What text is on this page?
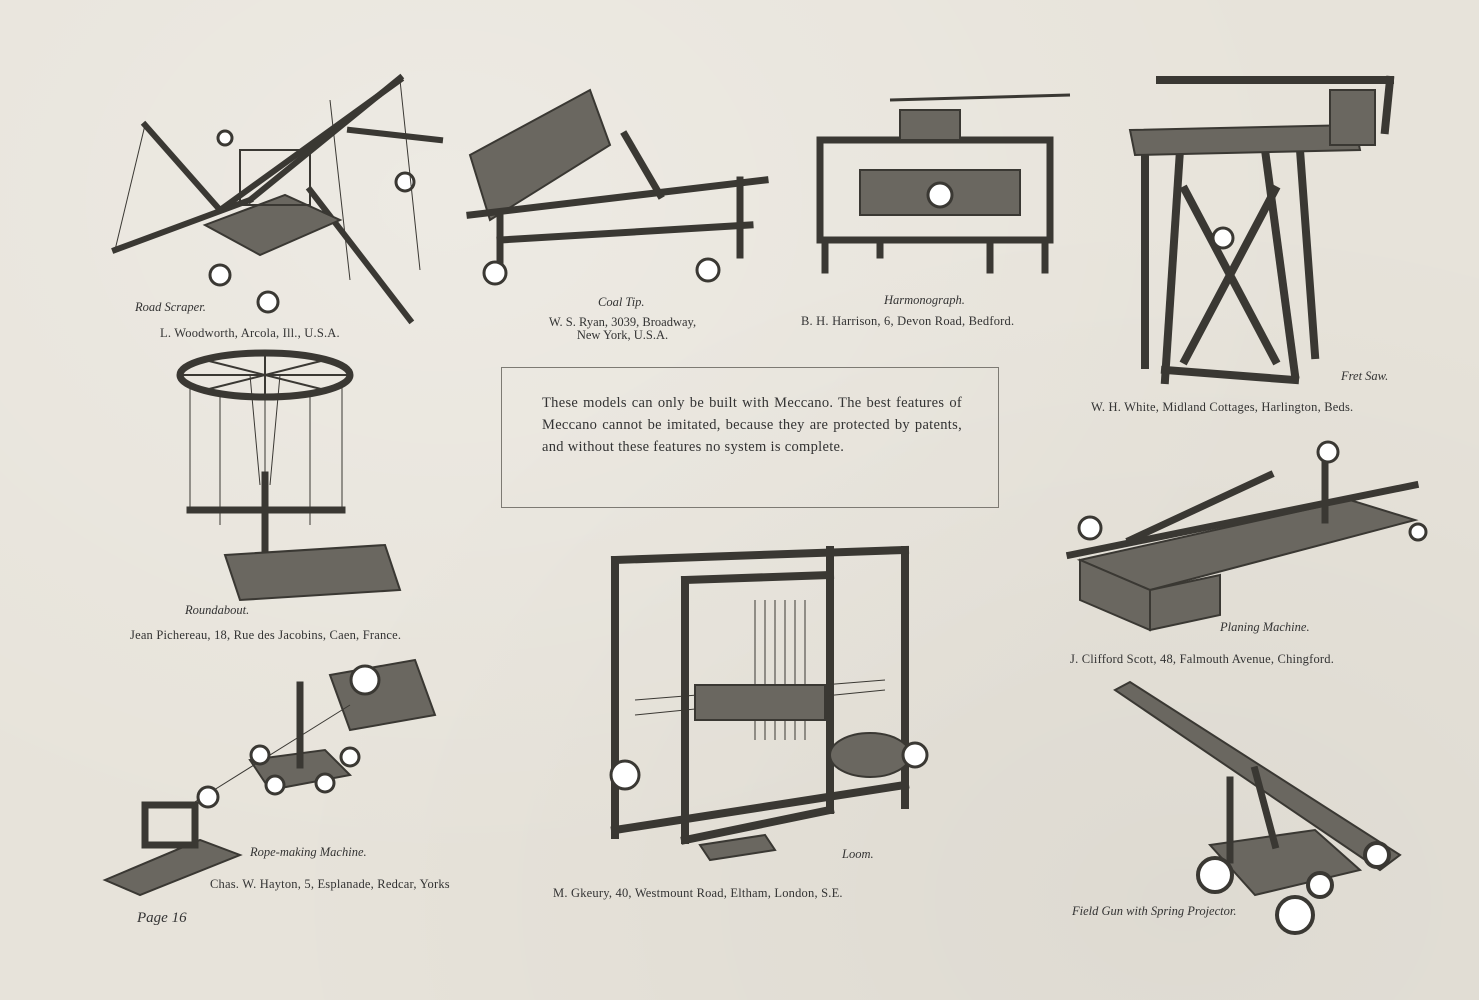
Road Scraper.
L. Woodworth, Arcola, Ill., U.S.A.
Coal Tip.
W. S. Ryan, 3039, Broadway,
New York, U.S.A.
Harmonograph.
B. H. Harrison, 6, Devon Road, Bedford.
Fret Saw.
W. H. White, Midland Cottages, Harlington, Beds.
Roundabout.
Jean Pichereau, 18, Rue des Jacobins, Caen, France.

These models can only be built with Meccano. The best features of Meccano cannot be imitated, because they are protected by patents, and without these features no system is complete.

Planing Machine.
J. Clifford Scott, 48, Falmouth Avenue, Chingford.
Rope-making Machine.
Chas. W. Hayton, 5, Esplanade, Redcar, Yorks
Loom.
M. Gkeury, 40, Westmount Road, Eltham, London, S.E.
Field Gun with Spring Projector.
Page 16
